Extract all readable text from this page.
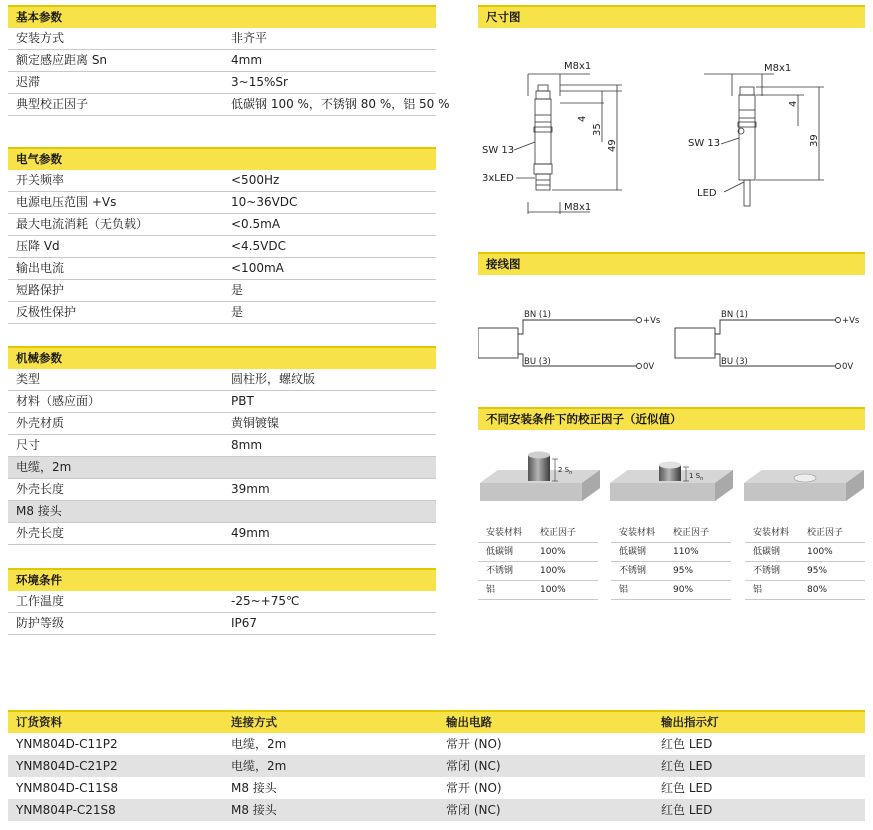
基本参数
安装方式	非齐平
额定感应距离 Sn	4mm
迟滞	3~15%Sr
典型校正因子	低碳钢 100 %，不锈钢 80 %，铝 50 %
电气参数
开关频率	<500Hz
电源电压范围 +Vs	10~36VDC
最大电流消耗（无负载）	<0.5mA
压降 Vd	<4.5VDC
输出电流	<100mA
短路保护	是
反极性保护	是
机械参数
类型	圆柱形，螺纹版
材料（感应面）	PBT
外壳材质	黄铜镀镍
尺寸	8mm
电缆，2m
外壳长度	39mm
M8 接头
外壳长度	49mm
环境条件
工作温度	-25~+75℃
防护等级	IP67
尺寸图
M8x1
4
35
49
SW 13
3xLED
M8x1
M8x1
4
39
SW 13
LED
接线图
BN (1)
BU (3)
+Vs
0V
BN (1)
BU (3)
+Vs
0V
不同安装条件下的校正因子（近似值）
2 $S_n$	1 $S_n$
安装材料 校正因子
低碳钢	100%
不锈钢	100%
铝	100%
安装材料 校正因子
低碳钢	110%
不锈钢	95%
铝	90%
安装材料 校正因子
低碳钢	100%
不锈钢	95%
铝	80%
订货资料	连接方式	输出电路	输出指示灯
YNM804D-C11P2	电缆，2m	常开 (NO)	红色 LED
YNM804D-C21P2	电缆，2m	常闭 (NC)	红色 LED
YNM804D-C11S8	M8 接头	常开 (NO)	红色 LED
YNM804P-C21S8	M8 接头	常闭 (NC)	红色 LED
